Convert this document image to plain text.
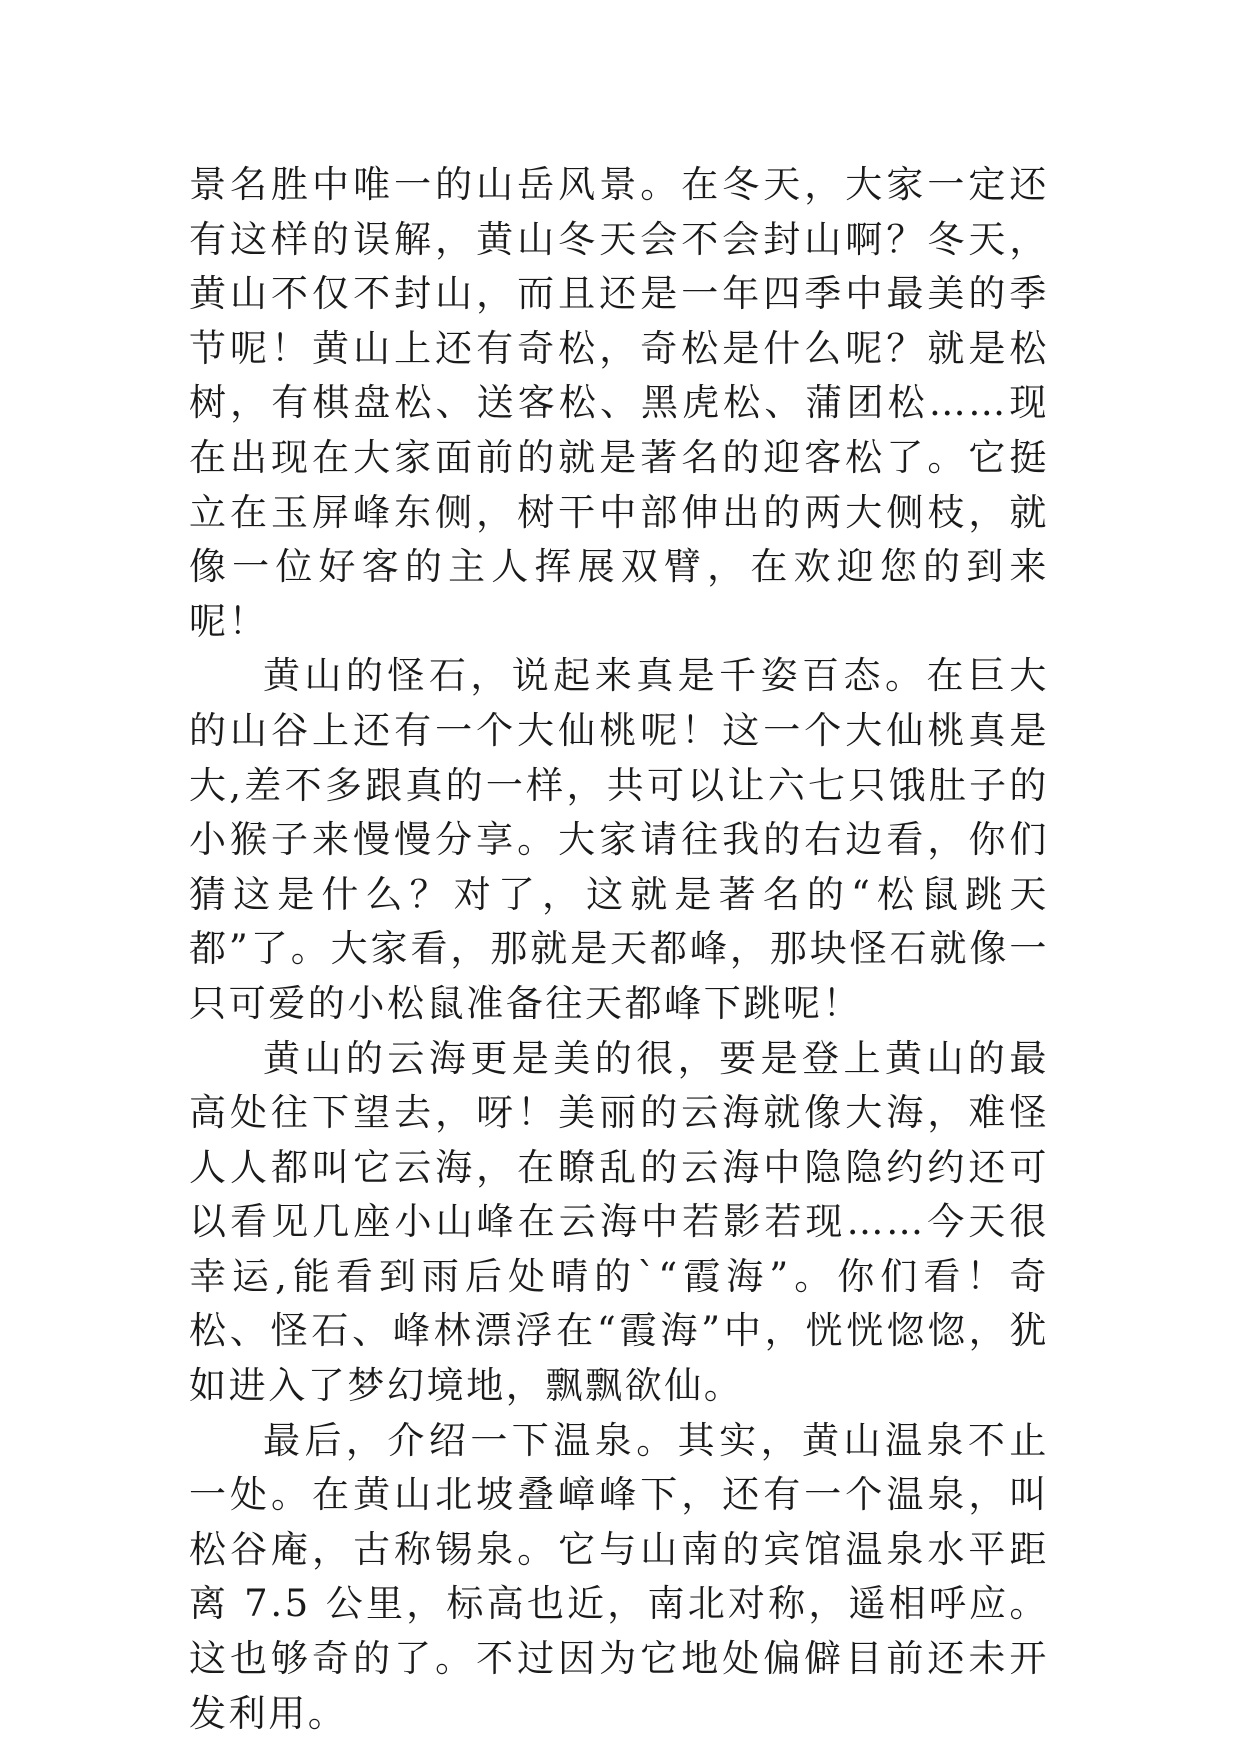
景名胜中唯一的山岳风景。在冬天，大家一定还有这样的误解，黄山冬天会不会封山啊？冬天，黄山不仅不封山，而且还是一年四季中最美的季节呢！黄山上还有奇松，奇松是什么呢？就是松树，有棋盘松、送客松、黑虎松、蒲团松……现在出现在大家面前的就是著名的迎客松了。它挺立在玉屏峰东侧，树干中部伸出的两大侧枝，就像一位好客的主人挥展双臂，在欢迎您的到来呢！

黄山的怪石，说起来真是千姿百态。在巨大的山谷上还有一个大仙桃呢！这一个大仙桃真是大,差不多跟真的一样，共可以让六七只饿肚子的小猴子来慢慢分享。大家请往我的右边看，你们猜这是什么？对了，这就是著名的“松鼠跳天都”了。大家看，那就是天都峰，那块怪石就像一只可爱的小松鼠准备往天都峰下跳呢！

黄山的云海更是美的很，要是登上黄山的最高处往下望去，呀！美丽的云海就像大海，难怪人人都叫它云海，在瞭乱的云海中隐隐约约还可以看见几座小山峰在云海中若影若现……今天很幸运,能看到雨后处晴的`“霞海”。你们看！奇松、怪石、峰林漂浮在“霞海”中，恍恍惚惚，犹如进入了梦幻境地，飘飘欲仙。

最后，介绍一下温泉。其实，黄山温泉不止一处。在黄山北坡叠嶂峰下，还有一个温泉，叫松谷庵，古称锡泉。它与山南的宾馆温泉水平距离 7.5 公里，标高也近，南北对称，遥相呼应。这也够奇的了。不过因为它地处偏僻目前还未开发利用。
